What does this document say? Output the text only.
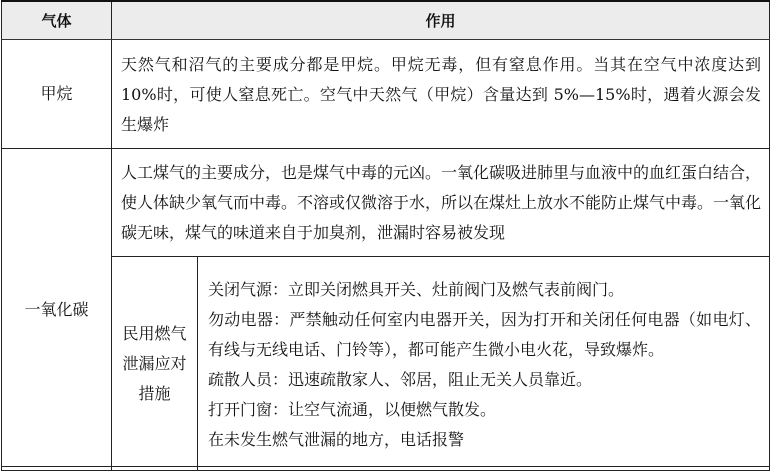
气体	作用	
甲烷	天然气和沼气的主要成分都是甲烷。甲烷无毒，但有窒息作用。当其在空气中浓度达到 10%时，可使人窒息死亡。空气中天然气（甲烷）含量达到 5%—15%时，遇着火源会发生爆炸	
一氧化碳	人工煤气的主要成分，也是煤气中毒的元凶。一氧化碳吸进肺里与血液中的血红蛋白结合，使人体缺少氧气而中毒。不溶或仅微溶于水，所以在煤灶上放水不能防止煤气中毒。一氧化碳无味，煤气的味道来自于加臭剂，泄漏时容易被发现	
	民用燃气泄漏应对措施	关闭气源：立即关闭燃具开关、灶前阀门及燃气表前阀门。
勿动电器：严禁触动任何室内电器开关，因为打开和关闭任何电器（如电灯、有线与无线电话、门铃等），都可能产生微小电火花，导致爆炸。
疏散人员：迅速疏散家人、邻居，阻止无关人员靠近。
打开门窗：让空气流通，以便燃气散发。
在未发生燃气泄漏的地方，电话报警
